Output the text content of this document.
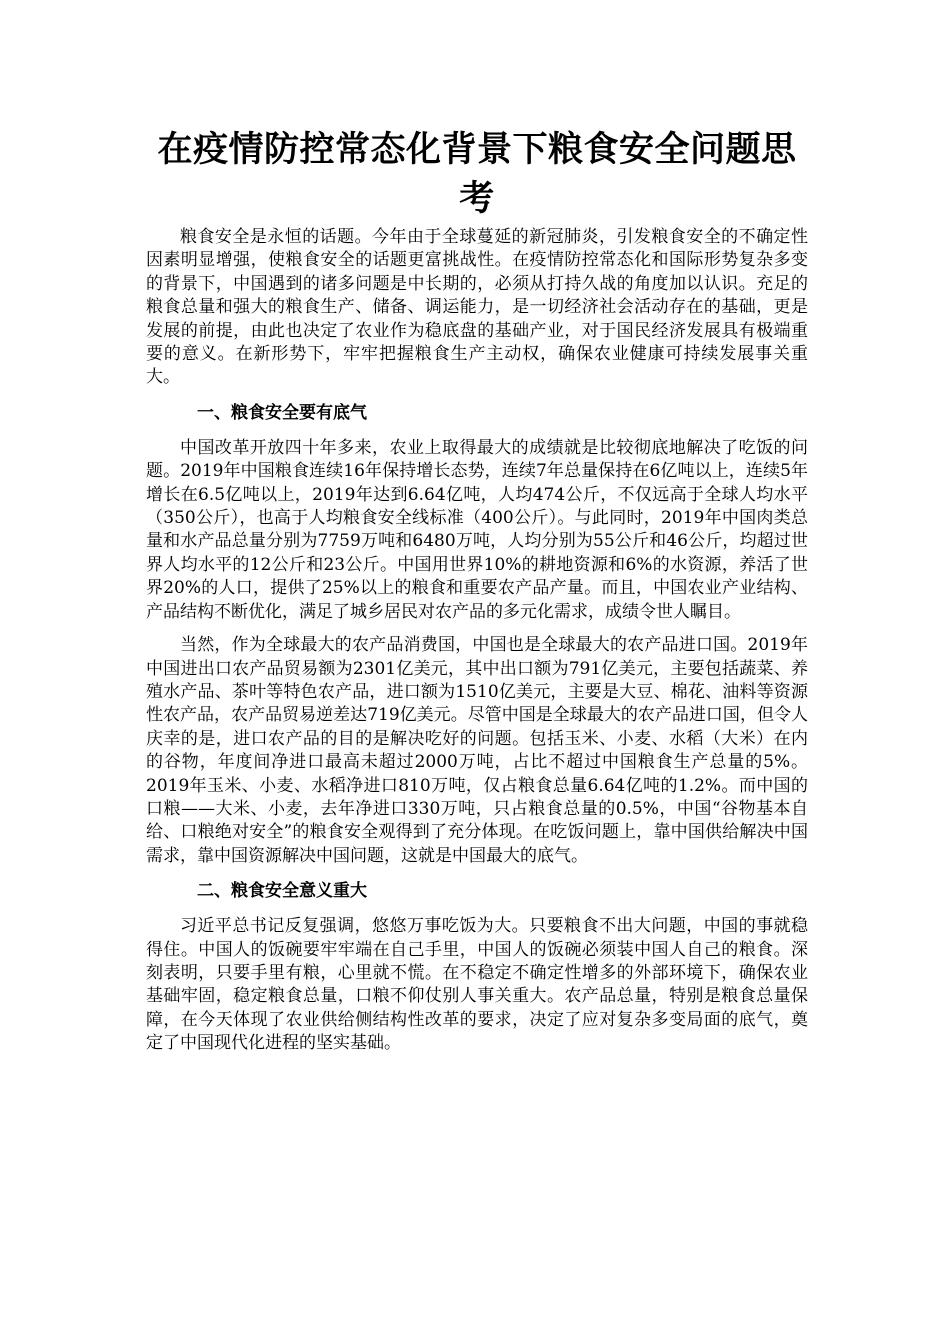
在疫情防控常态化背景下粮食安全问题思考

粮食安全是永恒的话题。今年由于全球蔓延的新冠肺炎，引发粮食安全的不确定性因素明显增强，使粮食安全的话题更富挑战性。在疫情防控常态化和国际形势复杂多变的背景下，中国遇到的诸多问题是中长期的，必须从打持久战的角度加以认识。充足的粮食总量和强大的粮食生产、储备、调运能力，是一切经济社会活动存在的基础，更是发展的前提，由此也决定了农业作为稳底盘的基础产业，对于国民经济发展具有极端重要的意义。在新形势下，牢牢把握粮食生产主动权，确保农业健康可持续发展事关重大。

一、粮食安全要有底气

中国改革开放四十年多来，农业上取得最大的成绩就是比较彻底地解决了吃饭的问题。2019年中国粮食连续16年保持增长态势，连续7年总量保持在6亿吨以上，连续5年增长在6.5亿吨以上，2019年达到6.64亿吨，人均474公斤，不仅远高于全球人均水平（350公斤），也高于人均粮食安全线标准（400公斤）。与此同时，2019年中国肉类总量和水产品总量分别为7759万吨和6480万吨，人均分别为55公斤和46公斤，均超过世界人均水平的12公斤和23公斤。中国用世界10%的耕地资源和6%的水资源，养活了世界20%的人口，提供了25%以上的粮食和重要农产品产量。而且，中国农业产业结构、产品结构不断优化，满足了城乡居民对农产品的多元化需求，成绩令世人瞩目。

当然，作为全球最大的农产品消费国，中国也是全球最大的农产品进口国。2019年中国进出口农产品贸易额为2301亿美元，其中出口额为791亿美元，主要包括蔬菜、养殖水产品、茶叶等特色农产品，进口额为1510亿美元，主要是大豆、棉花、油料等资源性农产品，农产品贸易逆差达719亿美元。尽管中国是全球最大的农产品进口国，但令人庆幸的是，进口农产品的目的是解决吃好的问题。包括玉米、小麦、水稻（大米）在内的谷物，年度间净进口最高未超过2000万吨，占比不超过中国粮食生产总量的5%。2019年玉米、小麦、水稻净进口810万吨，仅占粮食总量6.64亿吨的1.2%。而中国的口粮——大米、小麦，去年净进口330万吨，只占粮食总量的0.5%，中国“谷物基本自给、口粮绝对安全”的粮食安全观得到了充分体现。在吃饭问题上，靠中国供给解决中国需求，靠中国资源解决中国问题，这就是中国最大的底气。

二、粮食安全意义重大

习近平总书记反复强调，悠悠万事吃饭为大。只要粮食不出大问题，中国的事就稳得住。中国人的饭碗要牢牢端在自己手里，中国人的饭碗必须装中国人自己的粮食。深刻表明，只要手里有粮，心里就不慌。在不稳定不确定性增多的外部环境下，确保农业基础牢固，稳定粮食总量，口粮不仰仗别人事关重大。农产品总量，特别是粮食总量保障，在今天体现了农业供给侧结构性改革的要求，决定了应对复杂多变局面的底气，奠定了中国现代化进程的坚实基础。
